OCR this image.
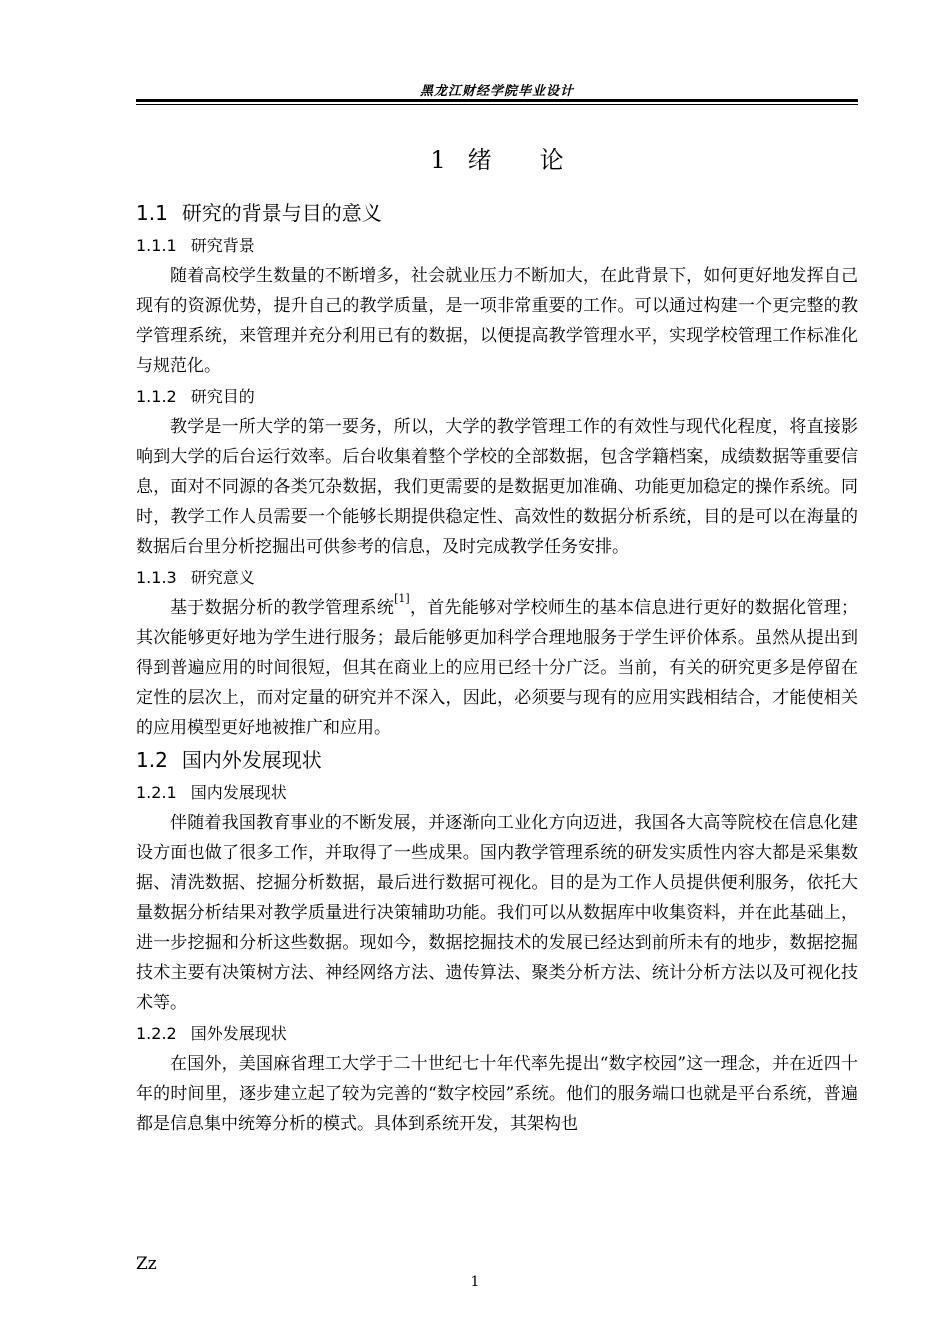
黑龙江财经学院毕业设计
1 绪 论
1.1 研究的背景与目的意义
1.1.1 研究背景

随着高校学生数量的不断增多，社会就业压力不断加大，在此背景下，如何更好地发挥自己现有的资源优势，提升自己的教学质量，是一项非常重要的工作。可以通过构建一个更完整的教学管理系统，来管理并充分利用已有的数据，以便提高教学管理水平，实现学校管理工作标准化与规范化。

1.1.2 研究目的

教学是一所大学的第一要务，所以，大学的教学管理工作的有效性与现代化程度，将直接影响到大学的后台运行效率。后台收集着整个学校的全部数据，包含学籍档案，成绩数据等重要信息，面对不同源的各类冗杂数据，我们更需要的是数据更加准确、功能更加稳定的操作系统。同时，教学工作人员需要一个能够长期提供稳定性、高效性的数据分析系统，目的是可以在海量的数据后台里分析挖掘出可供参考的信息，及时完成教学任务安排。

1.1.3 研究意义

基于数据分析的教学管理系统[1]，首先能够对学校师生的基本信息进行更好的数据化管理；其次能够更好地为学生进行服务；最后能够更加科学合理地服务于学生评价体系。虽然从提出到得到普遍应用的时间很短，但其在商业上的应用已经十分广泛。当前，有关的研究更多是停留在定性的层次上，而对定量的研究并不深入，因此，必须要与现有的应用实践相结合，才能使相关的应用模型更好地被推广和应用。

1.2 国内外发展现状
1.2.1 国内发展现状

伴随着我国教育事业的不断发展，并逐渐向工业化方向迈进，我国各大高等院校在信息化建设方面也做了很多工作，并取得了一些成果。国内教学管理系统的研发实质性内容大都是采集数据、清洗数据、挖掘分析数据，最后进行数据可视化。目的是为工作人员提供便利服务，依托大量数据分析结果对教学质量进行决策辅助功能。我们可以从数据库中收集资料，并在此基础上，进一步挖掘和分析这些数据。现如今，数据挖掘技术的发展已经达到前所未有的地步，数据挖掘技术主要有决策树方法、神经网络方法、遗传算法、聚类分析方法、统计分析方法以及可视化技术等。

1.2.2 国外发展现状

在国外，美国麻省理工大学于二十世纪七十年代率先提出“数字校园”这一理念，并在近四十年的时间里，逐步建立起了较为完善的“数字校园”系统。他们的服务端口也就是平台系统，普遍都是信息集中统筹分析的模式。具体到系统开发，其架构也

Zz
1
